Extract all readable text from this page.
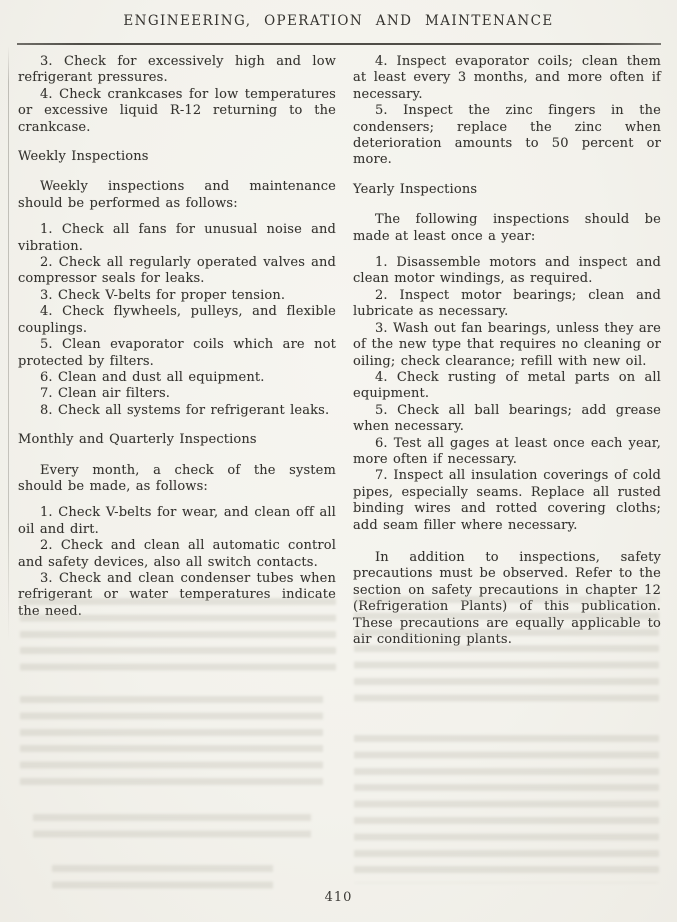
ENGINEERING, OPERATION AND MAINTENANCE

3. Check for excessively high and low refrigerant pressures.

4. Check crankcases for low temperatures or excessive liquid R-12 returning to the crankcase.

Weekly Inspections

Weekly inspections and maintenance should be performed as follows:

1. Check all fans for unusual noise and vibration.

2. Check all regularly operated valves and compressor seals for leaks.

3. Check V-belts for proper tension.

4. Check flywheels, pulleys, and flexible couplings.

5. Clean evaporator coils which are not protected by filters.

6. Clean and dust all equipment.

7. Clean air filters.

8. Check all systems for refrigerant leaks.

Monthly and Quarterly Inspections

Every month, a check of the system should be made, as follows:

1. Check V-belts for wear, and clean off all oil and dirt.

2. Check and clean all automatic control and safety devices, also all switch contacts.

3. Check and clean condenser tubes when refrigerant or water temperatures indicate the need.

4. Inspect evaporator coils; clean them at least every 3 months, and more often if necessary.

5. Inspect the zinc fingers in the condensers; replace the zinc when deterioration amounts to 50 percent or more.

Yearly Inspections

The following inspections should be made at least once a year:

1. Disassemble motors and inspect and clean motor windings, as required.

2. Inspect motor bearings; clean and lubricate as necessary.

3. Wash out fan bearings, unless they are of the new type that requires no cleaning or oiling; check clearance; refill with new oil.

4. Check rusting of metal parts on all equipment.

5. Check all ball bearings; add grease when necessary.

6. Test all gages at least once each year, more often if necessary.

7. Inspect all insulation coverings of cold pipes, especially seams. Replace all rusted binding wires and rotted covering cloths; add seam filler where necessary.

In addition to inspections, safety precautions must be observed. Refer to the section on safety precautions in chapter 12 (Refrigeration Plants) of this publication. These precautions are equally applicable to air conditioning plants.

410
